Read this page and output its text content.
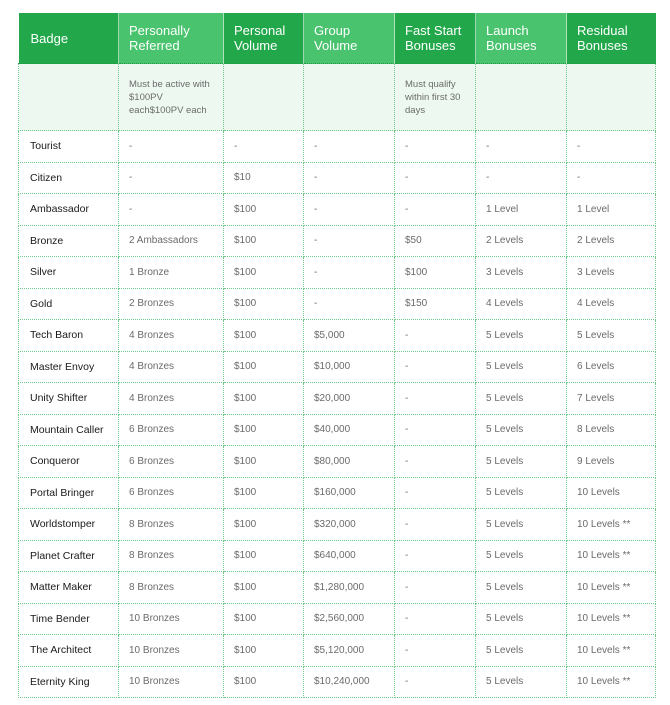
Badge	Personally Referred	Personal Volume	Group Volume	Fast Start Bonuses	Launch Bonuses	Residual Bonuses
	Must be active with $100PV each$100PV each			Must qualify within first 30 days		
Tourist	-	-	-	-	-	-
Citizen	-	$10	-	-	-	-
Ambassador	-	$100	-	-	1 Level	1 Level
Bronze	2 Ambassadors	$100	-	$50	2 Levels	2 Levels
Silver	1 Bronze	$100	-	$100	3 Levels	3 Levels
Gold	2 Bronzes	$100	-	$150	4 Levels	4 Levels
Tech Baron	4 Bronzes	$100	$5,000	-	5 Levels	5 Levels
Master Envoy	4 Bronzes	$100	$10,000	-	5 Levels	6 Levels
Unity Shifter	4 Bronzes	$100	$20,000	-	5 Levels	7 Levels
Mountain Caller	6 Bronzes	$100	$40,000	-	5 Levels	8 Levels
Conqueror	6 Bronzes	$100	$80,000	-	5 Levels	9 Levels
Portal Bringer	6 Bronzes	$100	$160,000	-	5 Levels	10 Levels
Worldstomper	8 Bronzes	$100	$320,000	-	5 Levels	10 Levels **
Planet Crafter	8 Bronzes	$100	$640,000	-	5 Levels	10 Levels **
Matter Maker	8 Bronzes	$100	$1,280,000	-	5 Levels	10 Levels **
Time Bender	10 Bronzes	$100	$2,560,000	-	5 Levels	10 Levels **
The Architect	10 Bronzes	$100	$5,120,000	-	5 Levels	10 Levels **
Eternity King	10 Bronzes	$100	$10,240,000	-	5 Levels	10 Levels **
